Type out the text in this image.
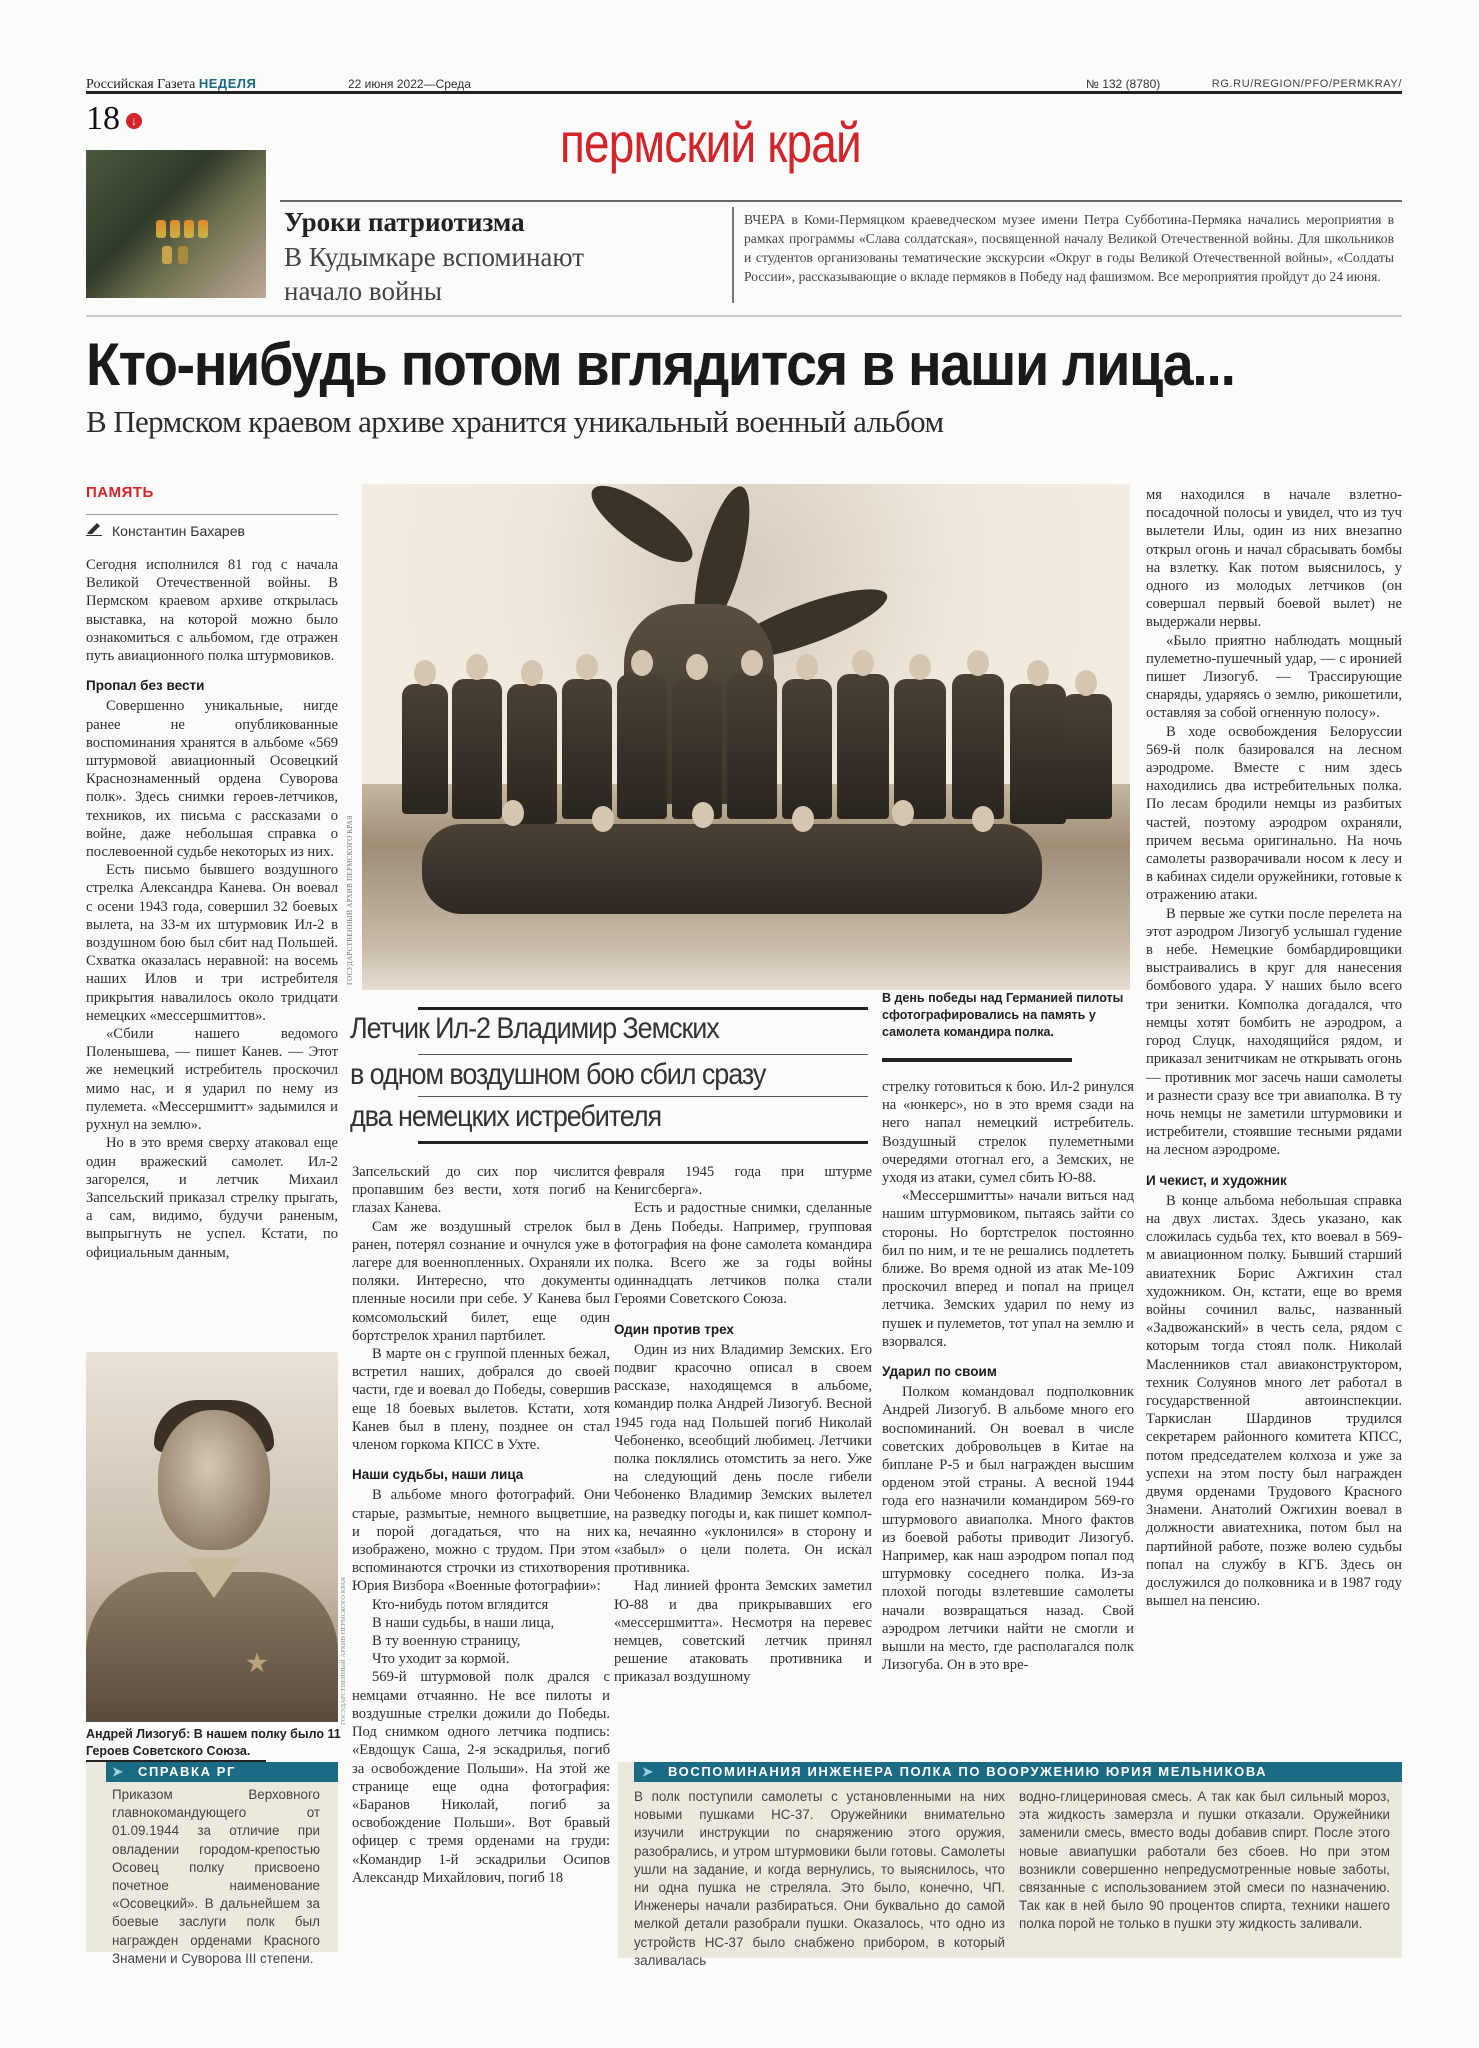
Российская Газета НЕДЕЛЯ	22 июня 2022—Среда	№ 132 (8780)	RG.RU/REGION/PFO/PERMKRAY/
18 ↓	пермский край
Уроки патриотизма
В Кудымкаре вспоминают начало войны
ВЧЕРА в Коми-Пермяцком краеведческом музее имени Петра Субботина-Пермяка начались мероприятия в рамках программы «Слава солдатская», посвященной началу Великой Отечественной войны. Для школьников и студентов организованы тематические экскурсии «Округ в годы Великой Отечественной войны», «Солдаты России», рассказывающие о вкладе пермяков в Победу над фашизмом. Все мероприятия пройдут до 24 июня.
Кто-нибудь потом вглядится в наши лица...
В Пермском краевом архиве хранится уникальный военный альбом
ПАМЯТЬ
Константин Бахарев

Сегодня исполнился 81 год с начала Великой Отечественной войны. В Пермском краевом архиве открылась выставка, на которой можно было ознакомиться с альбомом, где отражен путь авиационного полка штурмовиков.

Пропал без вести

Совершенно уникальные, нигде ранее не опубликованные воспоминания хранятся в альбоме «569 штурмовой авиационный Осовецкий Краснознаменный ордена Суворова полк». Здесь снимки героев-летчиков, техников, их письма с рассказами о войне, даже небольшая справка о послевоенной судьбе некоторых из них.

Есть письмо бывшего воздушного стрелка Александра Канева. Он воевал с осени 1943 года, совершил 32 боевых вылета, на 33-м их штурмовик Ил-2 в воздушном бою был сбит над Польшей. Схватка оказалась неравной: на восемь наших Илов и три истребителя прикрытия навалилось около тридцати немецких «мессершмиттов».

«Сбили нашего ведомого Поленышева, — пишет Канев. — Этот же немецкий истребитель проскочил мимо нас, и я ударил по нему из пулемета. «Мессершмитт» задымился и рухнул на землю».

Но в это время сверху атаковал еще один вражеский самолет. Ил-2 загорелся, и летчик Михаил Запсельский приказал стрелку прыгать, а сам, видимо, будучи раненым, выпрыгнуть не успел. Кстати, по официальным данным,

ГОСУДАРСТВЕННЫЙ АРХИВ ПЕРМСКОГО КРАЯ
В день победы над Германией пилоты сфотографировались на память у самолета командира полка.
Летчик Ил-2 Владимир Земских
в одном воздушном бою сбил сразу
два немецких истребителя

Запсельский до сих пор числится пропавшим без вести, хотя погиб на глазах Канева.

Сам же воздушный стрелок был ранен, потерял сознание и очнулся уже в лагере для военнопленных. Охраняли их поляки. Интересно, что документы пленные носили при себе. У Канева был комсомольский билет, еще один бортстрелок хранил партбилет.

В марте он с группой пленных бежал, встретил наших, добрался до своей части, где и воевал до Победы, совершив еще 18 боевых вылетов. Кстати, хотя Канев был в плену, позднее он стал членом горкома КПСС в Ухте.

Наши судьбы, наши лица

В альбоме много фотографий. Они старые, размытые, немного выцветшие, и порой догадаться, что на них изображено, можно с трудом. При этом вспоминаются строчки из стихотворения Юрия Визбора «Военные фотографии»:

Кто-нибудь потом вглядится
В наши судьбы, в наши лица,
В ту военную страницу,
Что уходит за кормой.

569-й штурмовой полк дрался с немцами отчаянно. Не все пилоты и воздушные стрелки дожили до Победы. Под снимком одного летчика подпись: «Евдощук Саша, 2-я эскадрилья, погиб за освобождение Польши». На этой же странице еще одна фотография: «Баранов Николай, погиб за освобождение Польши». Вот бравый офицер с тремя орденами на груди: «Командир 1-й эскадрильи Осипов Александр Михайлович, погиб 18

февраля 1945 года при штурме Кенигсберга».

Есть и радостные снимки, сделанные в День Победы. Например, групповая фотография на фоне самолета командира полка. Всего же за годы войны одиннадцать летчиков полка стали Героями Советского Союза.

Один против трех

Один из них Владимир Земских. Его подвиг красочно описал в своем рассказе, находящемся в альбоме, командир полка Андрей Лизогуб. Весной 1945 года над Польшей погиб Николай Чебоненко, всеобщий любимец. Летчики полка поклялись отомстить за него. Уже на следующий день после гибели Чебоненко Владимир Земских вылетел на разведку погоды и, как пишет комполка, нечаянно «уклонился» в сторону и «забыл» о цели полета. Он искал противника.

Над линией фронта Земских заметил Ю-88 и два прикрывавших его «мессершмитта». Несмотря на перевес немцев, советский летчик принял решение атаковать противника и приказал воздушному

стрелку готовиться к бою. Ил-2 ринулся на «юнкерс», но в это время сзади на него напал немецкий истребитель. Воздушный стрелок пулеметными очередями отогнал его, а Земских, не уходя из атаки, сумел сбить Ю-88.

«Мессершмитты» начали виться над нашим штурмовиком, пытаясь зайти со стороны. Но бортстрелок постоянно бил по ним, и те не решались подлететь ближе. Во время одной из атак Ме-109 проскочил вперед и попал на прицел летчика. Земских ударил по нему из пушек и пулеметов, тот упал на землю и взорвался.

Ударил по своим

Полком командовал подполковник Андрей Лизогуб. В альбоме много его воспоминаний. Он воевал в числе советских добровольцев в Китае на биплане Р-5 и был награжден высшим орденом этой страны. А весной 1944 года его назначили командиром 569-го штурмового авиаполка. Много фактов из боевой работы приводит Лизогуб. Например, как наш аэродром попал под штурмовку соседнего полка. Из-за плохой погоды взлетевшие самолеты начали возвращаться назад. Свой аэродром летчики найти не смогли и вышли на место, где располагался полк Лизогуба. Он в это вре-

мя находился в начале взлетно-посадочной полосы и увидел, что из туч вылетели Илы, один из них внезапно открыл огонь и начал сбрасывать бомбы на взлетку. Как потом выяснилось, у одного из молодых летчиков (он совершал первый боевой вылет) не выдержали нервы.

«Было приятно наблюдать мощный пулеметно-пушечный удар, — с иронией пишет Лизогуб. — Трассирующие снаряды, ударяясь о землю, рикошетили, оставляя за собой огненную полосу».

В ходе освобождения Белоруссии 569-й полк базировался на лесном аэродроме. Вместе с ним здесь находились два истребительных полка. По лесам бродили немцы из разбитых частей, поэтому аэродром охраняли, причем весьма оригинально. На ночь самолеты разворачивали носом к лесу и в кабинах сидели оружейники, готовые к отражению атаки.

В первые же сутки после перелета на этот аэродром Лизогуб услышал гудение в небе. Немецкие бомбардировщики выстраивались в круг для нанесения бомбового удара. У наших было всего три зенитки. Комполка догадался, что немцы хотят бомбить не аэродром, а город Слуцк, находящийся рядом, и приказал зенитчикам не открывать огонь — противник мог засечь наши самолеты и разнести сразу все три авиаполка. В ту ночь немцы не заметили штурмовики и истребители, стоявшие тесными рядами на лесном аэродроме.

И чекист, и художник

В конце альбома небольшая справка на двух листах. Здесь указано, как сложилась судьба тех, кто воевал в 569-м авиационном полку. Бывший старший авиатехник Борис Ажгихин стал художником. Он, кстати, еще во время войны сочинил вальс, названный «Задвожанский» в честь села, рядом с которым тогда стоял полк. Николай Масленников стал авиаконструктором, техник Солуянов много лет работал в государственной автоинспекции. Таркислан Шардинов трудился секретарем районного комитета КПСС, потом председателем колхоза и уже за успехи на этом посту был награжден двумя орденами Трудового Красного Знамени. Анатолий Ожгихин воевал в должности авиатехника, потом был на партийной работе, позже волею судьбы попал на службу в КГБ. Здесь он дослужился до полковника и в 1987 году вышел на пенсию.

ГОСУДАРСТВЕННЫЙ АРХИВ ПЕРМСКОГО КРАЯ
Андрей Лизогуб: В нашем полку было 11 Героев Советского Союза.
➤ СПРАВКА РГ
Приказом Верховного главнокомандующего от 01.09.1944 за отличие при овладении городом-крепостью Осовец полку присвоено почетное наименование «Осовецкий». В дальнейшем за боевые заслуги полк был награжден орденами Красного Знамени и Суворова III степени.
➤ ВОСПОМИНАНИЯ ИНЖЕНЕРА ПОЛКА ПО ВООРУЖЕНИЮ ЮРИЯ МЕЛЬНИКОВА
В полк поступили самолеты с установленными на них новыми пушками НС-37. Оружейники внимательно изучили инструкции по снаряжению этого оружия, разобрались, и утром штурмовики были готовы. Самолеты ушли на задание, и когда вернулись, то выяснилось, что ни одна пушка не стреляла. Это было, конечно, ЧП. Инженеры начали разбираться. Они буквально до самой мелкой детали разобрали пушки. Оказалось, что одно из устройств НС-37 было снабжено прибором, в который заливалась
водно-глицериновая смесь. А так как был сильный мороз, эта жидкость замерзла и пушки отказали. Оружейники заменили смесь, вместо воды добавив спирт. После этого новые авиапушки работали без сбоев. Но при этом возникли совершенно непредусмотренные новые заботы, связанные с использованием этой смеси по назначению. Так как в ней было 90 процентов спирта, техники нашего полка порой не только в пушки эту жидкость заливали.
